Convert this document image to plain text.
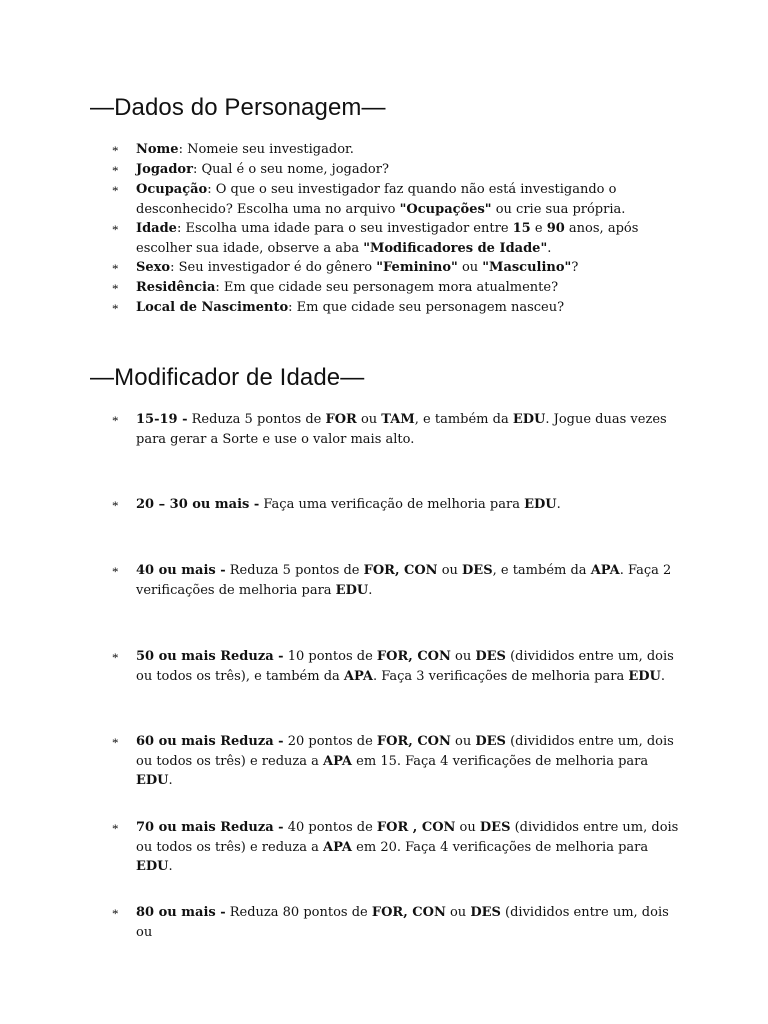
—Dados do Personagem—
* Nome: Nomeie seu investigador.
* Jogador: Qual é o seu nome, jogador?
* Ocupação: O que o seu investigador faz quando não está investigando o desconhecido? Escolha uma no arquivo "Ocupações" ou crie sua própria.
* Idade: Escolha uma idade para o seu investigador entre 15 e 90 anos, após escolher sua idade, observe a aba "Modificadores de Idade".
* Sexo: Seu investigador é do gênero "Feminino" ou "Masculino"?
* Residência: Em que cidade seu personagem mora atualmente?
* Local de Nascimento: Em que cidade seu personagem nasceu?
—Modificador de Idade—
* 15-19 - Reduza 5 pontos de FOR ou TAM, e também da EDU. Jogue duas vezes para gerar a Sorte e use o valor mais alto.
* 20 – 30 ou mais - Faça uma verificação de melhoria para EDU.
* 40 ou mais - Reduza 5 pontos de FOR, CON ou DES, e também da APA. Faça 2 verificações de melhoria para EDU.
* 50 ou mais Reduza - 10 pontos de FOR, CON ou DES (divididos entre um, dois ou todos os três), e também da APA. Faça 3 verificações de melhoria para EDU.
* 60 ou mais Reduza - 20 pontos de FOR, CON ou DES (divididos entre um, dois ou todos os três) e reduza a APA em 15. Faça 4 verificações de melhoria para EDU.
* 70 ou mais Reduza - 40 pontos de FOR , CON ou DES (divididos entre um, dois ou todos os três) e reduza a APA em 20. Faça 4 verificações de melhoria para EDU.
* 80 ou mais - Reduza 80 pontos de FOR, CON ou DES (divididos entre um, dois ou
